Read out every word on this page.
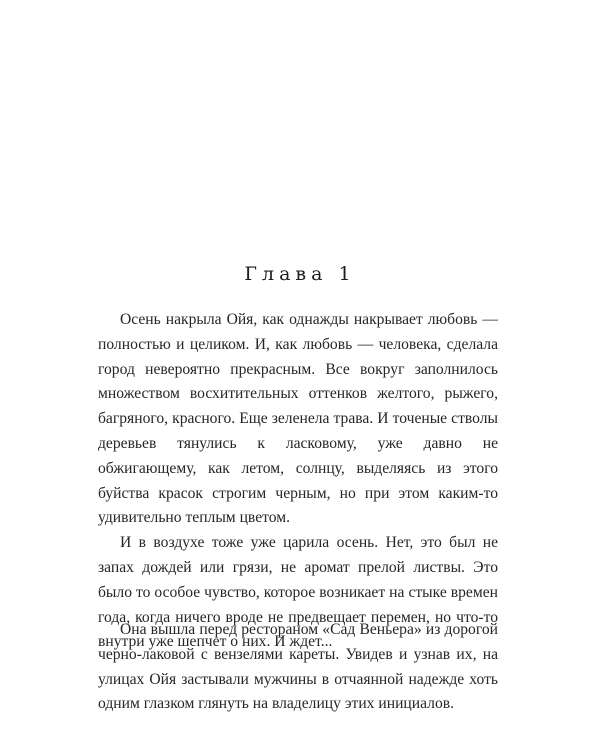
Глава 1

Осень накрыла Ойя, как однажды накрывает любовь — полностью и целиком. И, как любовь — человека, сделала город невероятно прекрасным. Все вокруг заполнилось множеством восхитительных оттенков желтого, рыжего, багряного, красного. Еще зеленела трава. И точеные стволы деревьев тянулись к ласковому, уже давно не обжигающему, как летом, солнцу, выделяясь из этого буйства красок строгим черным, но при этом каким-то удивительно теплым цветом.

И в воздухе тоже уже царила осень. Нет, это был не запах дождей или грязи, не аромат прелой листвы. Это было то особое чувство, которое возникает на стыке времен года, когда ничего вроде не предвещает перемен, но что-то внутри уже шепчет о них. И ждет...

Она вышла перед рестораном «Сад Веньера» из дорогой черно-лаковой с вензелями кареты. Увидев и узнав их, на улицах Ойя застывали мужчины в отчаянной надежде хоть одним глазком глянуть на владелицу этих инициалов.
